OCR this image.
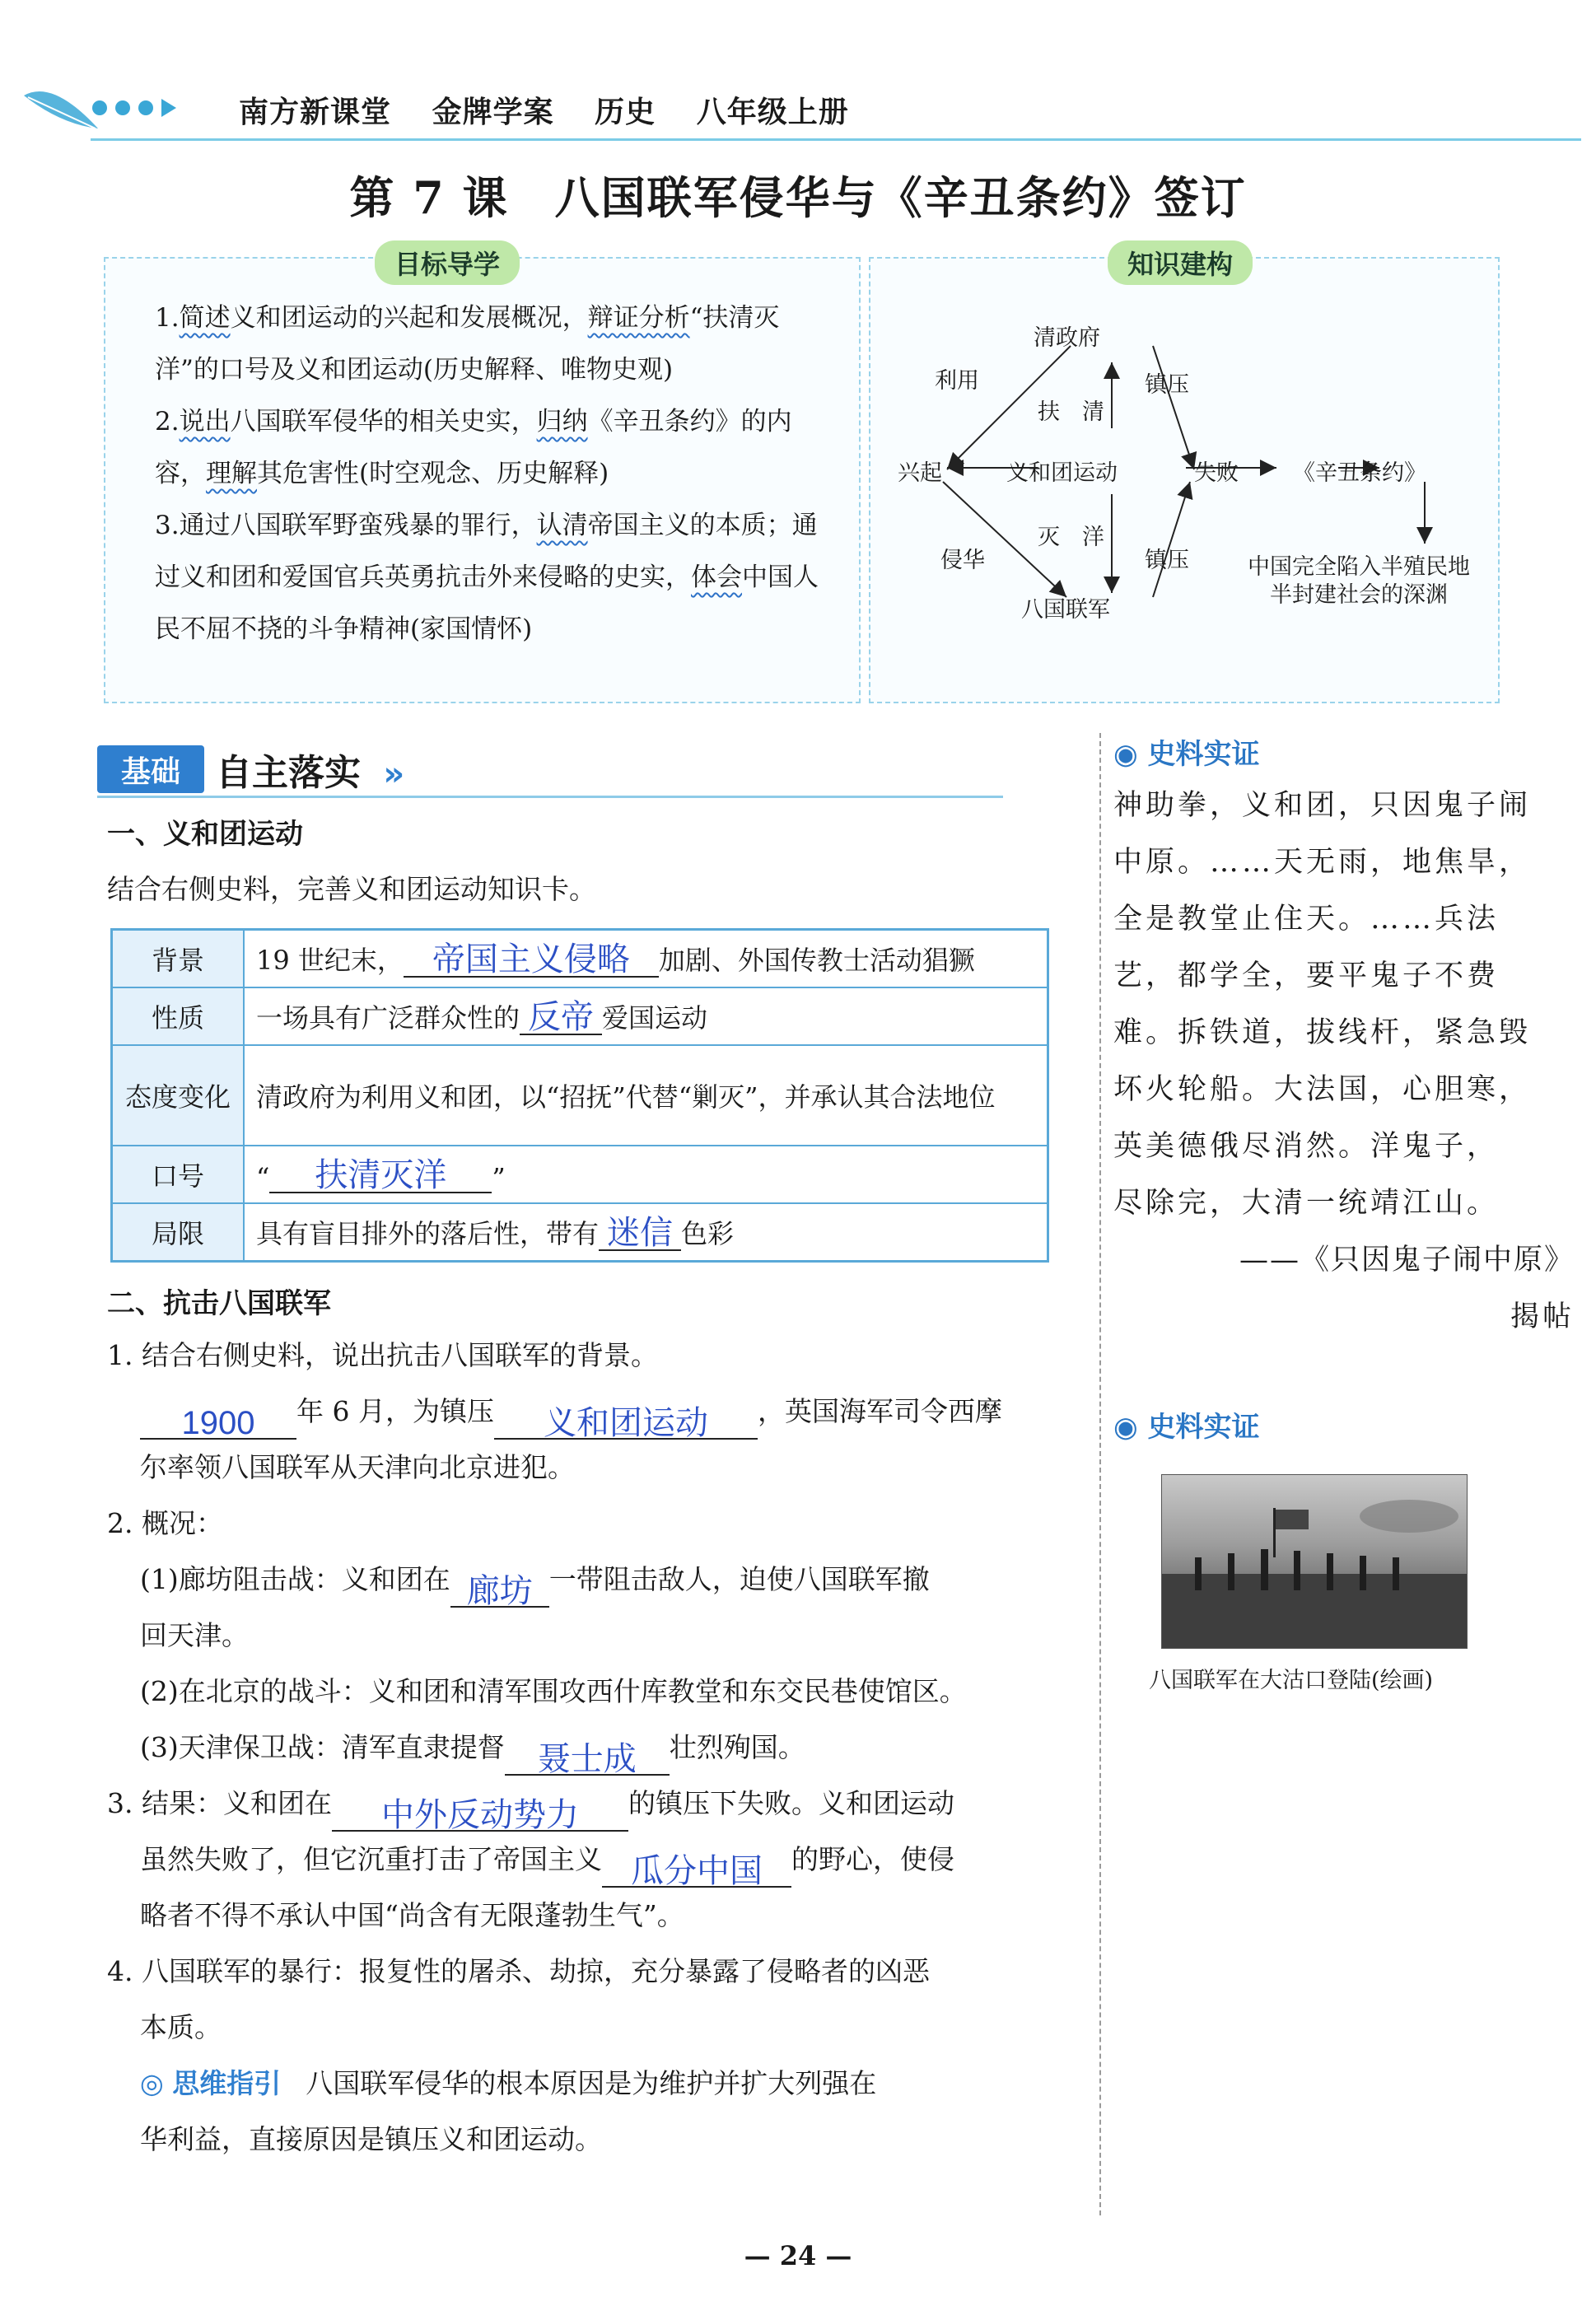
南方新课堂 金牌学案 历史 八年级上册
第 7 课　八国联军侵华与《辛丑条约》签订
目标导学
1.简述义和团运动的兴起和发展概况，辩证分析“扶清灭洋”的口号及义和团运动(历史解释、唯物史观)
2.说出八国联军侵华的相关史实，归纳《辛丑条约》的内容，理解其危害性(时空观念、历史解释)
3.通过八国联军野蛮残暴的罪行，认清帝国主义的本质；通过义和团和爱国官兵英勇抗击外来侵略的史实，体会中国人民不屈不挠的斗争精神(家国情怀)
知识建构
清政府
兴起	义和团运动	失败 《辛丑条约》
八国联军
中国完全陷入半殖民地半封建社会的深渊
利用	镇压
扶　清
灭　洋
侵华	镇压
基础 自主落实 »
一、义和团运动
结合右侧史料，完善义和团运动知识卡。
背景	19 世纪末， 帝国主义侵略 加剧、外国传教士活动猖獗
性质	一场具有广泛群众性的 反帝 爱国运动
态度变化	清政府为利用义和团，以“招抚”代替“剿灭”，并承认其合法地位
口号	“ 扶清灭洋 ”
局限	具有盲目排外的落后性，带有 迷信 色彩
二、抗击八国联军
1. 结合右侧史料，说出抗击八国联军的背景。
1900 年 6 月，为镇压 义和团运动 ，英国海军司令西摩
尔率领八国联军从天津向北京进犯。
2. 概况：
(1)廊坊阻击战：义和团在 廊坊 一带阻击敌人，迫使八国联军撤
回天津。
(2)在北京的战斗：义和团和清军围攻西什库教堂和东交民巷使馆区。
(3)天津保卫战：清军直隶提督 聂士成 壮烈殉国。
3. 结果：义和团在 中外反动势力 的镇压下失败。义和团运动
虽然失败了，但它沉重打击了帝国主义 瓜分中国 的野心，使侵
略者不得不承认中国“尚含有无限蓬勃生气”。
4. 八国联军的暴行：报复性的屠杀、劫掠，充分暴露了侵略者的凶恶
本质。
◎ 思维指引 八国联军侵华的根本原因是为维护并扩大列强在
华利益，直接原因是镇压义和团运动。
◉ 史料实证
神助拳，义和团，只因鬼子闹
中原。……天无雨，地焦旱，
全是教堂止住天。……兵法
艺，都学全，要平鬼子不费
难。拆铁道，拔线杆，紧急毁
坏火轮船。大法国，心胆寒，
英美德俄尽消然。洋鬼子，
尽除完，大清一统靖江山。
——《只因鬼子闹中原》
揭帖
◉ 史料实证
八国联军在大沽口登陆(绘画)
— 24 —
